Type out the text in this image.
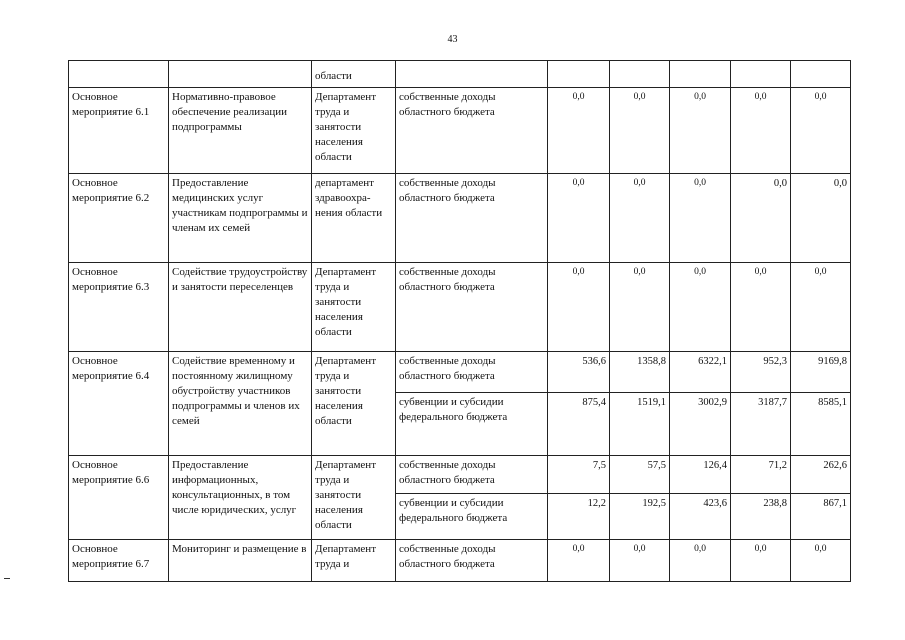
43
		области						
Основное мероприятие 6.1	Нормативно-правовое обеспечение реализации подпрограммы	Департамент труда и занятости населения области	собственные доходы областного бюджета	0,0	0,0	0,0	0,0	0,0
Основное мероприятие 6.2	Предоставление медицинских услуг участникам подпрограммы и членам их семей	департамент здравоохра- нения области	собственные доходы областного бюджета	0,0	0,0	0,0	0,0	0,0
Основное мероприятие 6.3	Содействие трудоустройству и занятости переселенцев	Департамент труда и занятости населения области	собственные доходы областного бюджета	0,0	0,0	0,0	0,0	0,0
Основное мероприятие 6.4	Содействие временному и постоянному жилищному обустройству участников подпрограммы и членов их семей	Департамент труда и занятости населения области	собственные доходы областного бюджета	536,6	1358,8	6322,1	952,3	9169,8
			субвенции и субсидии федерального бюджета	875,4	1519,1	3002,9	3187,7	8585,1
Основное мероприятие 6.6	Предоставление информационных, консультационных, в том числе юридических, услуг	Департамент труда и занятости населения области	собственные доходы областного бюджета	7,5	57,5	126,4	71,2	262,6
			субвенции и субсидии федерального бюджета	12,2	192,5	423,6	238,8	867,1
Основное мероприятие 6.7	Мониторинг и размещение в	Департамент труда и	собственные доходы областного бюджета	0,0	0,0	0,0	0,0	0,0
